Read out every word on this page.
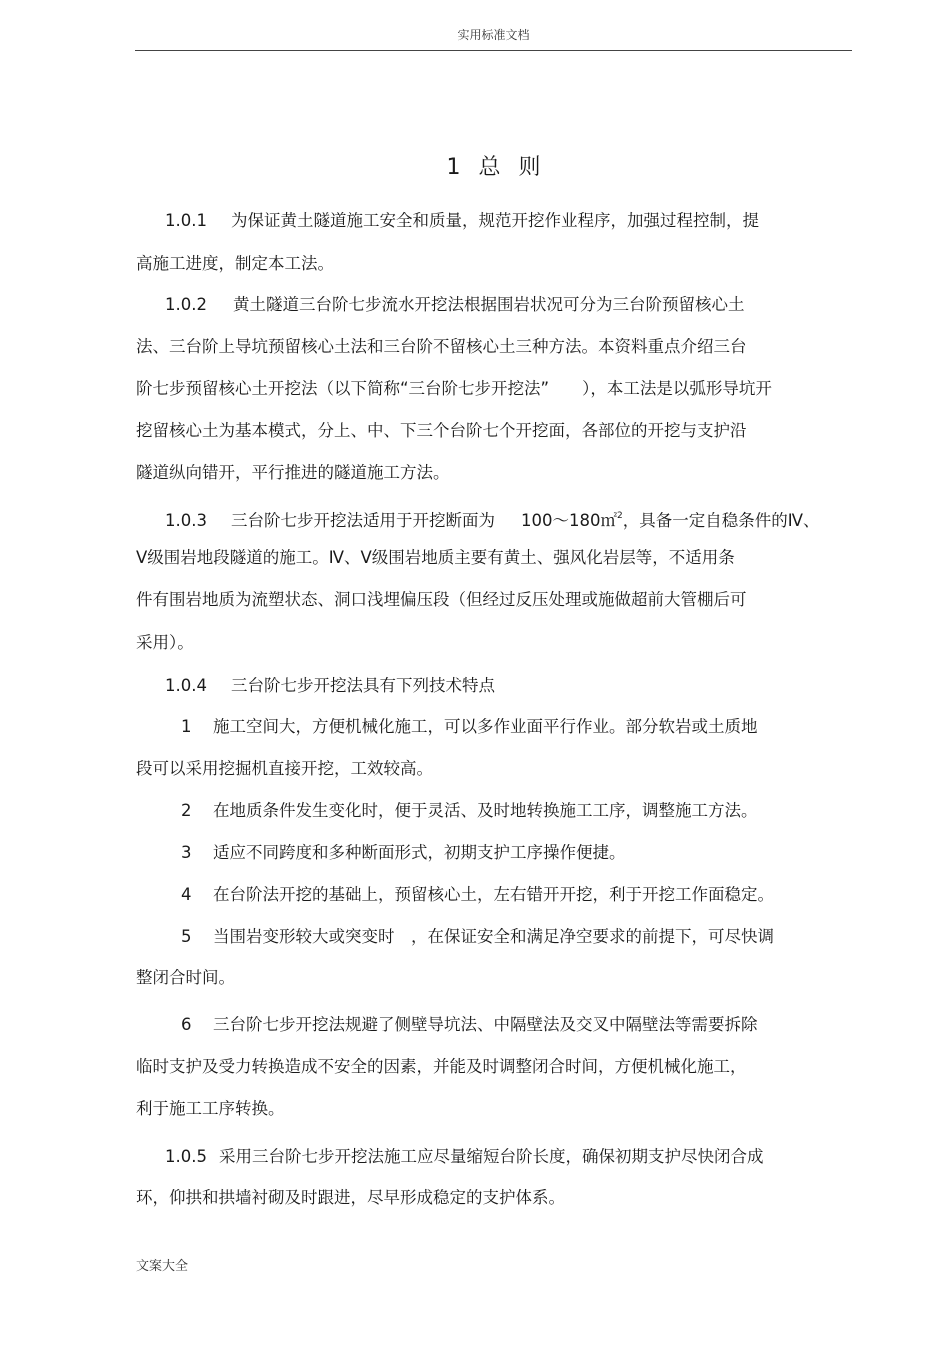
实用标准文档
1 总 则
1.0.1 为保证黄土隧道施工安全和质量，规范开挖作业程序，加强过程控制，提
高施工进度，制定本工法。
1.0.2 黄土隧道三台阶七步流水开挖法根据围岩状况可分为三台阶预留核心土
法、三台阶上导坑预留核心土法和三台阶不留核心土三种方法。本资料重点介绍三台
阶七步预留核心土开挖法（以下简称“三台阶七步开挖法”　　），本工法是以弧形导坑开
挖留核心土为基本模式，分上、中、下三个台阶七个开挖面，各部位的开挖与支护沿
隧道纵向错开，平行推进的隧道施工方法。
1.0.3 三台阶七步开挖法适用于开挖断面为 100～180㎡$^2$，具备一定自稳条件的Ⅳ、
Ⅴ级围岩地段隧道的施工。Ⅳ、Ⅴ级围岩地质主要有黄土、强风化岩层等，不适用条
件有围岩地质为流塑状态、洞口浅埋偏压段（但经过反压处理或施做超前大管棚后可
采用）。
1.0.4 三台阶七步开挖法具有下列技术特点
1 施工空间大，方便机械化施工，可以多作业面平行作业。部分软岩或土质地
段可以采用挖掘机直接开挖，工效较高。
2 在地质条件发生变化时，便于灵活、及时地转换施工工序，调整施工方法。
3 适应不同跨度和多种断面形式，初期支护工序操作便捷。
4 在台阶法开挖的基础上，预留核心土，左右错开开挖，利于开挖工作面稳定。
5 当围岩变形较大或突变时　，在保证安全和满足净空要求的前提下，可尽快调
整闭合时间。
6 三台阶七步开挖法规避了侧壁导坑法、中隔壁法及交叉中隔壁法等需要拆除
临时支护及受力转换造成不安全的因素，并能及时调整闭合时间，方便机械化施工，
利于施工工序转换。
1.0.5 采用三台阶七步开挖法施工应尽量缩短台阶长度，确保初期支护尽快闭合成
环，仰拱和拱墙衬砌及时跟进，尽早形成稳定的支护体系。
文案大全
